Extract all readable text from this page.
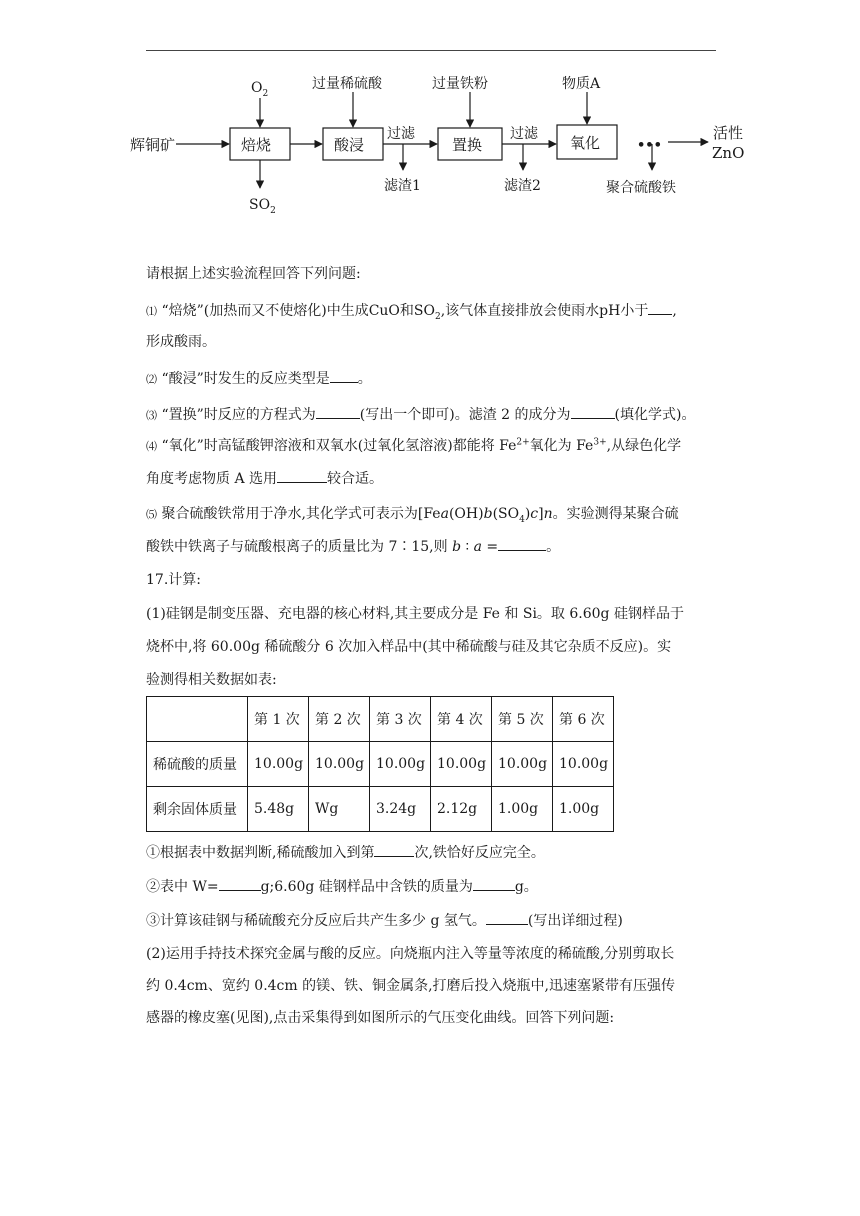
辉铜矿	焙烧	酸浸	置换	氧化
$O_2$
过量稀硫酸	过量铁粉	物质A
过滤	过滤
$SO_2$
滤渣1	滤渣2
•••
活性
ZnO
聚合硫酸铁
请根据上述实验流程回答下列问题:
⑴ “焙烧”(加热而又不使熔化)中生成CuO和$SO_2$,该气体直接排放会使雨水pH小于 ,
形成酸雨。
⑵ “酸浸”时发生的反应类型是 。
⑶ “置换”时反应的方程式为	(写出一个即可)。滤渣 2 的成分为	(填化学式)。
⑷ “氧化”时高锰酸钾溶液和双氧水(过氧化氢溶液)都能将 $Fe^{2+}$氧化为 $Fe^{3+}$,从绿色化学
角度考虑物质 A 选用	较合适。
⑸ 聚合硫酸铁常用于净水,其化学式可表示为$[Fea(OH)b(SO_4)c]n$。实验测得某聚合硫
酸铁中铁离子与硫酸根离子的质量比为 7∶15,则 b ∶ a =	。
17.计算:
(1)硅钢是制变压器、充电器的核心材料,其主要成分是 Fe 和 Si。取 6.60g 硅钢样品于
烧杯中,将 60.00g 稀硫酸分 6 次加入样品中(其中稀硫酸与硅及其它杂质不反应)。实
验测得相关数据如表:
	第 1 次	第 2 次	第 3 次	第 4 次	第 5 次	第 6 次
稀硫酸的质量	10.00g	10.00g	10.00g	10.00g	10.00g	10.00g
剩余固体质量	5.48g	Wg	3.24g	2.12g	1.00g	1.00g
①根据表中数据判断,稀硫酸加入到第	次,铁恰好反应完全。
②表中 W=	g;6.60g 硅钢样品中含铁的质量为	g。
③计算该硅钢与稀硫酸充分反应后共产生多少 g 氢气。	(写出详细过程)
(2)运用手持技术探究金属与酸的反应。向烧瓶内注入等量等浓度的稀硫酸,分别剪取长
约 0.4cm、宽约 0.4cm 的镁、铁、铜金属条,打磨后投入烧瓶中,迅速塞紧带有压强传
感器的橡皮塞(见图),点击采集得到如图所示的气压变化曲线。回答下列问题:
